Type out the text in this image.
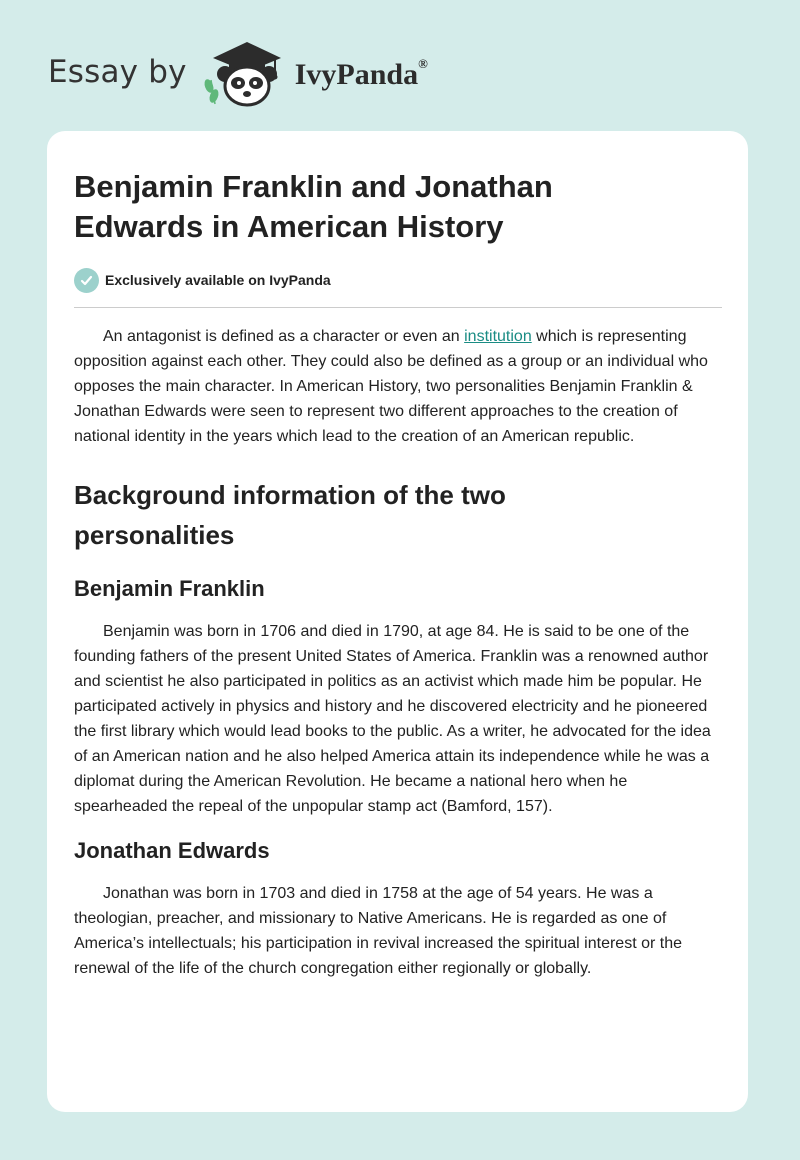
Essay by	IvyPanda®
Benjamin Franklin and Jonathan Edwards in American History
Exclusively available on IvyPanda

An antagonist is defined as a character or even an institution which is representing opposition against each other. They could also be defined as a group or an individual who opposes the main character. In American History, two personalities Benjamin Franklin & Jonathan Edwards were seen to represent two different approaches to the creation of national identity in the years which lead to the creation of an American republic.

Background information of the two personalities
Benjamin Franklin

Benjamin was born in 1706 and died in 1790, at age 84. He is said to be one of the founding fathers of the present United States of America. Franklin was a renowned author and scientist he also participated in politics as an activist which made him be popular. He participated actively in physics and history and he discovered electricity and he pioneered the first library which would lead books to the public. As a writer, he advocated for the idea of an American nation and he also helped America attain its independence while he was a diplomat during the American Revolution. He became a national hero when he spearheaded the repeal of the unpopular stamp act (Bamford, 157).

Jonathan Edwards

Jonathan was born in 1703 and died in 1758 at the age of 54 years. He was a theologian, preacher, and missionary to Native Americans. He is regarded as one of America’s intellectuals; his participation in revival increased the spiritual interest or the renewal of the life of the church congregation either regionally or globally.
